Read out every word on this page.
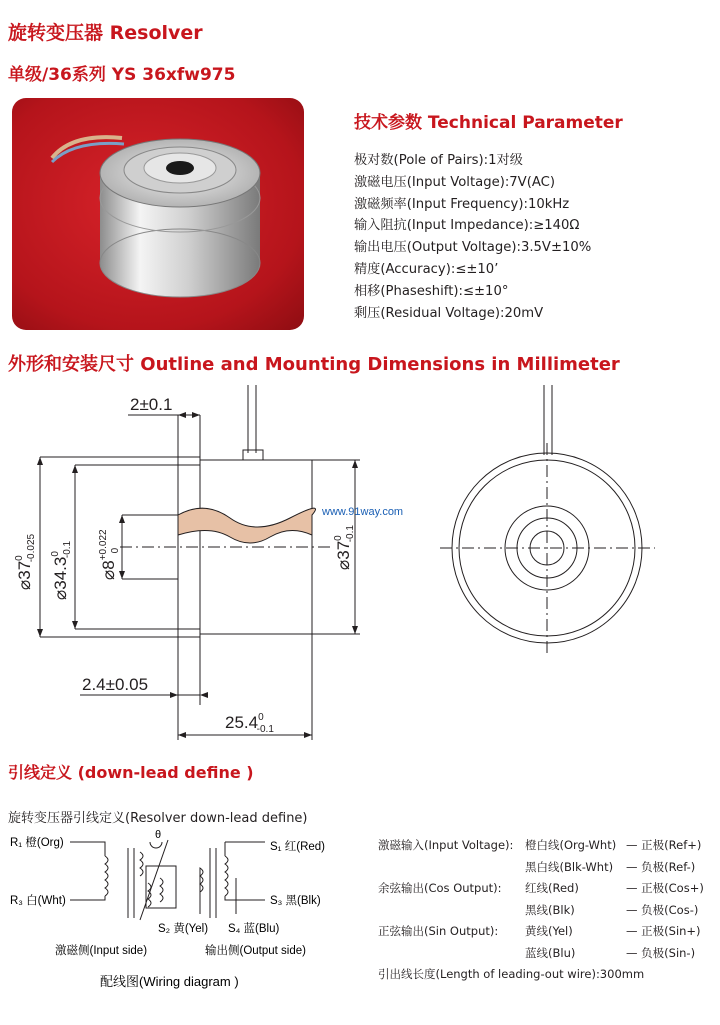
旋转变压器 Resolver
单级/36系列 YS 36xfw975
技术参数 Technical Parameter
极对数(Pole of Pairs):1对级
激磁电压(Input Voltage):7V(AC)
激磁频率(Input Frequency):10kHz
输入阻抗(Input Impedance):≥140Ω
输出电压(Output Voltage):3.5V±10%
精度(Accuracy):≤±10’
相移(Phaseshift):≤±10°
剩压(Residual Voltage):20mV
外形和安装尺寸 Outline and Mounting Dimensions in Millimeter
2±0.1
2.4±0.05
25.4$^0$ -0.1
$⌀37^0-0.025$
⌀34.3$^0$-0.1
$⌀8^{+0.022}0$	$⌀37^0-0.1$
www.91way.com
引线定义 (down-lead define )
旋转变压器引线定义(Resolver down-lead define)
R₁ 橙(Org)
R₃ 白(Wht)
θ
S₁ 红(Red)
S₃ 黑(Blk)
S₂ 黄(Yel) S₄ 蓝(Blu)
激磁侧(Input side)	输出侧(Output side)
配线图(Wiring diagram )
激磁输入(Input Voltage):
余弦输出(Cos Output):
正弦输出(Sin Output):
橙白线(Org-Wht)
黑白线(Blk-Wht)
红线(Red)
黑线(Blk)
黄线(Yel)
蓝线(Blu)
— 正极(Ref+)
— 负极(Ref-)
— 正极(Cos+)
— 负极(Cos-)
— 正极(Sin+)
— 负极(Sin-)
引出线长度(Length of leading-out wire):300mm
